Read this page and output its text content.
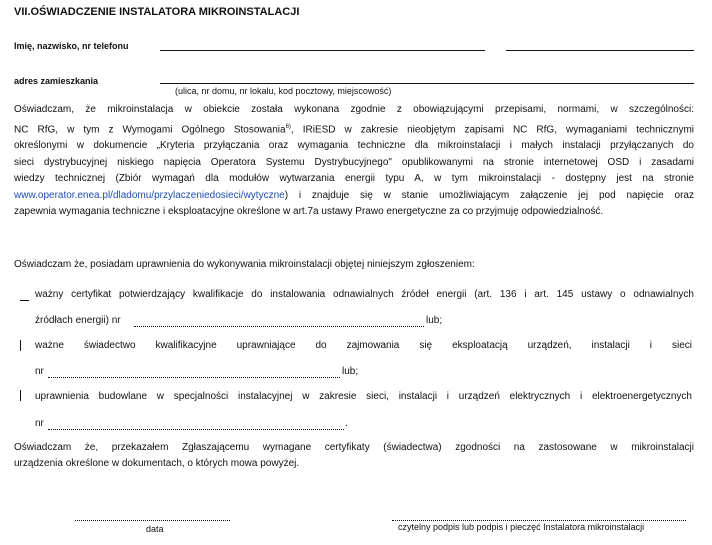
VII.OŚWIADCZENIE INSTALATORA MIKROINSTALACJI
Imię, nazwisko, nr telefonu
adres zamieszkania
(ulica, nr domu, nr lokalu, kod pocztowy, miejscowość)
Oświadczam, że mikroinstalacja w obiekcie została wykonana zgodnie z obowiązującymi przepisami, normami, w szczególności:
NC RfG, w tym z Wymogami Ogólnego Stosowania$^{6)}$, IRiESD w zakresie nieobjętym zapisami NC RfG, wymaganiami technicznymi
określonymi w dokumencie „Kryteria przyłączania oraz wymagania techniczne dla mikroinstalacji i małych instalacji przyłączanych do
sieci dystrybucyjnej niskiego napięcia Operatora Systemu Dystrybucyjnego" opublikowanymi na stronie internetowej OSD i zasadami
wiedzy technicznej (Zbiór wymagań dla modułów wytwarzania energii typu A, w tym mikroinstalacji - dostępny jest na stronie
www.operator.enea.pl/dladomu/przylaczeniedosieci/wytyczne) i znajduje się w stanie umożliwiającym załączenie jej pod napięcie oraz
zapewnia wymagania techniczne i eksploatacyjne określone w art.7a ustawy Prawo energetyczne za co przyjmuję odpowiedzialność.
Oświadczam że, posiadam uprawnienia do wykonywania mikroinstalacji objętej niniejszym zgłoszeniem:
ważny certyfikat potwierdzający kwalifikacje do instalowania odnawialnych źródeł energii (art. 136 i art. 145 ustawy o odnawialnych
źródłach energii) nr	lub;
ważne świadectwo kwalifikacyjne uprawniające do zajmowania się eksploatacją urządzeń, instalacji i sieci
nr	lub;
uprawnienia budowlane w specjalności instalacyjnej w zakresie sieci, instalacji i urządzeń elektrycznych i elektroenergetycznych
nr	.
Oświadczam że, przekazałem Zgłaszającemu wymagane certyfikaty (świadectwa) zgodności na zastosowane w mikroinstalacji
urządzenia określone w dokumentach, o których mowa powyżej.
data	czytelny podpis lub podpis i pieczęć Instalatora mikroinstalacji
